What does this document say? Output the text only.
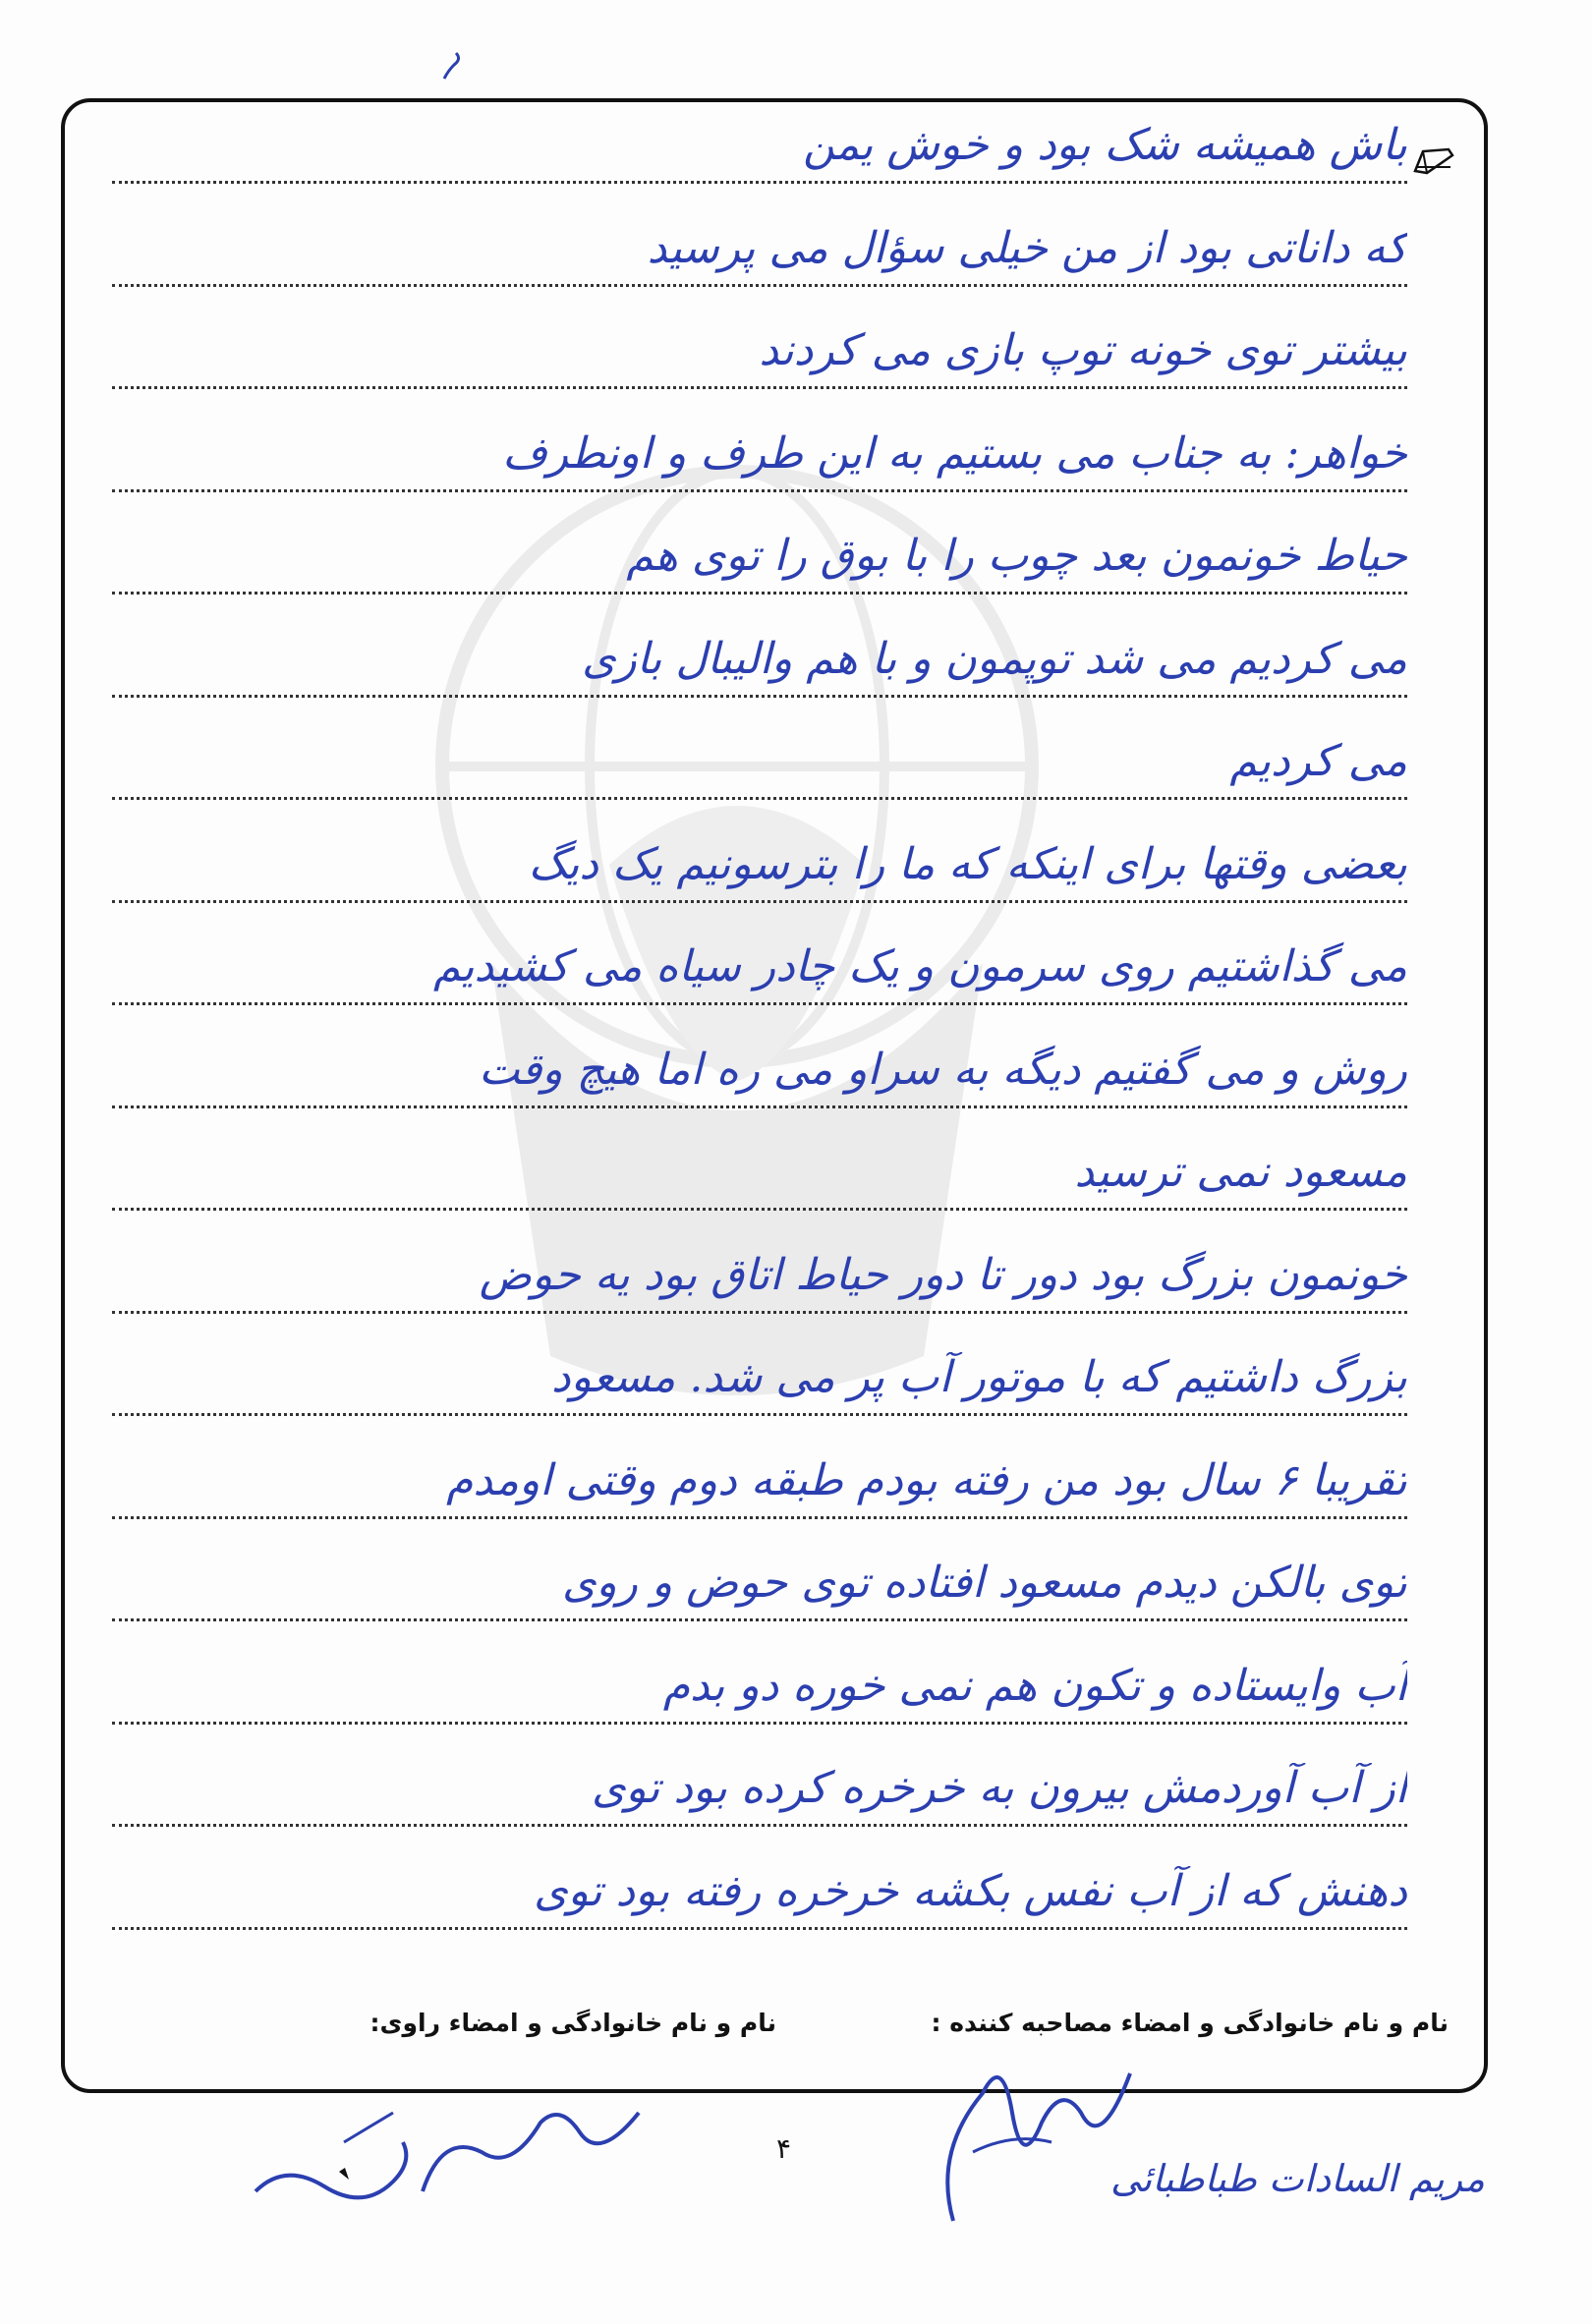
باش همیشه شک بود و خوش یمن
که داناتی بود از من خیلی سؤال می پرسید
بیشتر توی خونه توپ بازی می کردند
خواهر: به جناب می بستیم به این طرف و اونطرف
حیاط خونمون بعد چوب را با بوق را توی هم
می کردیم می شد توپمون و با هم والیبال بازی
می کردیم
بعضی وقتها برای اینکه که ما را بترسونیم یک دیگ
می گذاشتیم روی سرمون و یک چادر سیاه می کشیدیم
روش و می گفتیم دیگه به سراو می ره اما هیچ وقت
مسعود نمی ترسید
خونمون بزرگ بود دور تا دور حیاط اتاق بود یه حوض
بزرگ داشتیم که با موتور آب پر می شد. مسعود
تقریبا ۶ سال بود من رفته بودم طبقه دوم وقتی اومدم
توی بالکن دیدم مسعود افتاده توی حوض و روی
آب وایستاده و تکون هم نمی خوره دو بدم
از آب آوردمش بیرون به خرخره کرده بود توی
دهنش که از آب نفس بکشه خرخره رفته بود توی
نام و نام خانوادگی و امضاء مصاحبه کننده :
نام و نام خانوادگی و امضاء راوی:
مریم السادات طباطبائی
۴
